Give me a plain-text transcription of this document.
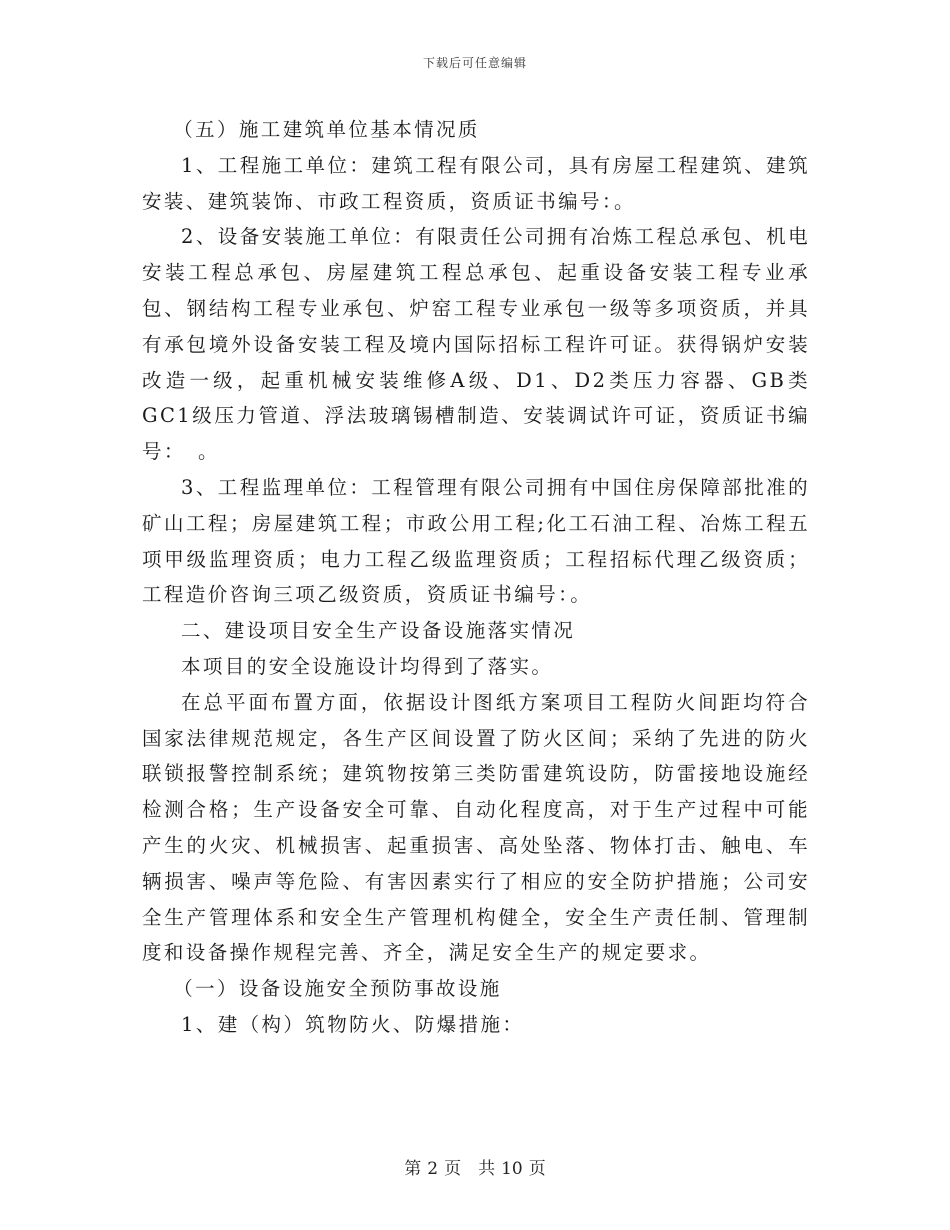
下载后可任意编辑

（五）施工建筑单位基本情况质

1、工程施工单位：建筑工程有限公司，具有房屋工程建筑、建筑安装、建筑装饰、市政工程资质，资质证书编号：。

2、设备安装施工单位：有限责任公司拥有冶炼工程总承包、机电安装工程总承包、房屋建筑工程总承包、起重设备安装工程专业承包、钢结构工程专业承包、炉窑工程专业承包一级等多项资质，并具有承包境外设备安装工程及境内国际招标工程许可证。获得锅炉安装改造一级，起重机械安装维修A级、D1、D2类压力容器、GB类GC1级压力管道、浮法玻璃锡槽制造、安装调试许可证，资质证书编号：　。

3、工程监理单位：工程管理有限公司拥有中国住房保障部批准的矿山工程；房屋建筑工程；市政公用工程;化工石油工程、冶炼工程五项甲级监理资质；电力工程乙级监理资质；工程招标代理乙级资质；工程造价咨询三项乙级资质，资质证书编号：。

二、建设项目安全生产设备设施落实情况

本项目的安全设施设计均得到了落实。

在总平面布置方面，依据设计图纸方案项目工程防火间距均符合国家法律规范规定，各生产区间设置了防火区间；采纳了先进的防火联锁报警控制系统；建筑物按第三类防雷建筑设防，防雷接地设施经检测合格；生产设备安全可靠、自动化程度高，对于生产过程中可能产生的火灾、机械损害、起重损害、高处坠落、物体打击、触电、车辆损害、噪声等危险、有害因素实行了相应的安全防护措施；公司安全生产管理体系和安全生产管理机构健全，安全生产责任制、管理制度和设备操作规程完善、齐全，满足安全生产的规定要求。

（一）设备设施安全预防事故设施

1、建（构）筑物防火、防爆措施：

第 2 页　共 10 页
